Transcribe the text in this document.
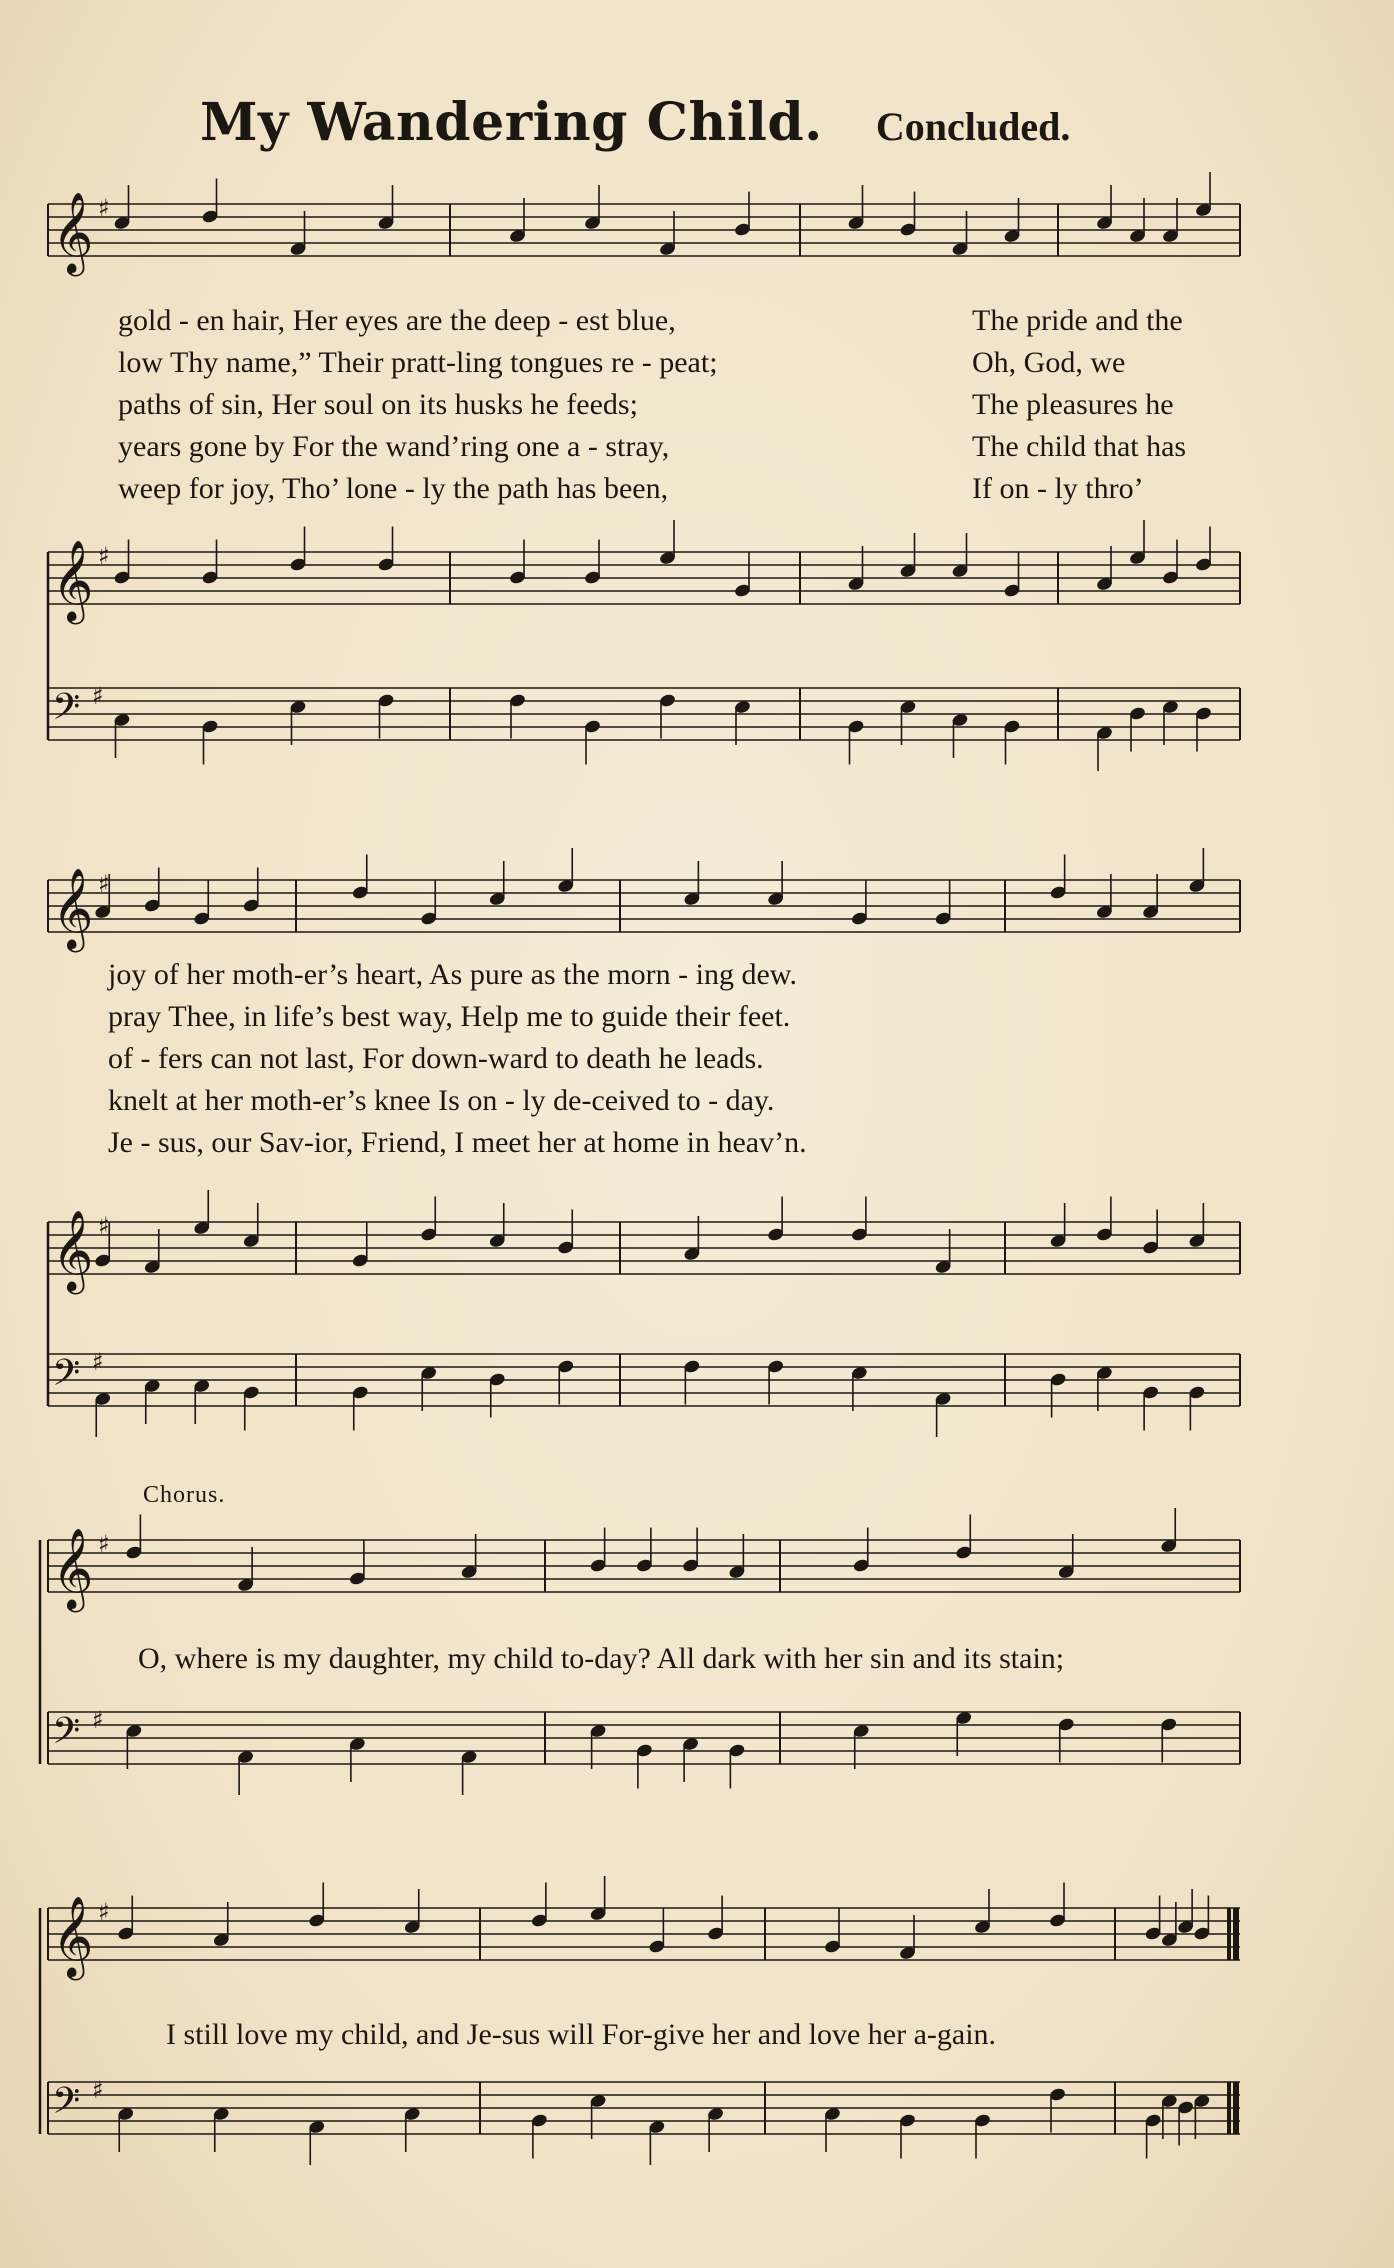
My Wandering Child. Concluded.
𝄞 ♯
𝄞 ♯
𝄢 ♯
𝄞 ♯
𝄞 ♯
𝄢 ♯
𝄞 ♯
𝄢 ♯
𝄞 ♯
𝄢 ♯
gold - en hair, Her eyes are the deep - est blue,
low Thy name,” Their pratt-ling tongues re - peat;
paths of sin, Her soul on its husks he feeds;
years gone by For the wand’ring one a - stray,
weep for joy, Tho’ lone - ly the path has been,
The pride and the
Oh, God, we
The pleasures he
The child that has
If on - ly thro’
joy of her moth-er’s heart, As pure as the morn - ing dew.
pray Thee, in life’s best way, Help me to guide their feet.
of - fers can not last, For down-ward to death he leads.
knelt at her moth-er’s knee Is on - ly de-ceived to - day.
Je - sus, our Sav-ior, Friend, I meet her at home in heav’n.
Chorus.
O, where is my daughter, my child to-day? All dark with her sin and its stain;
I still love my child, and Je-sus will For-give her and love her a-gain.
